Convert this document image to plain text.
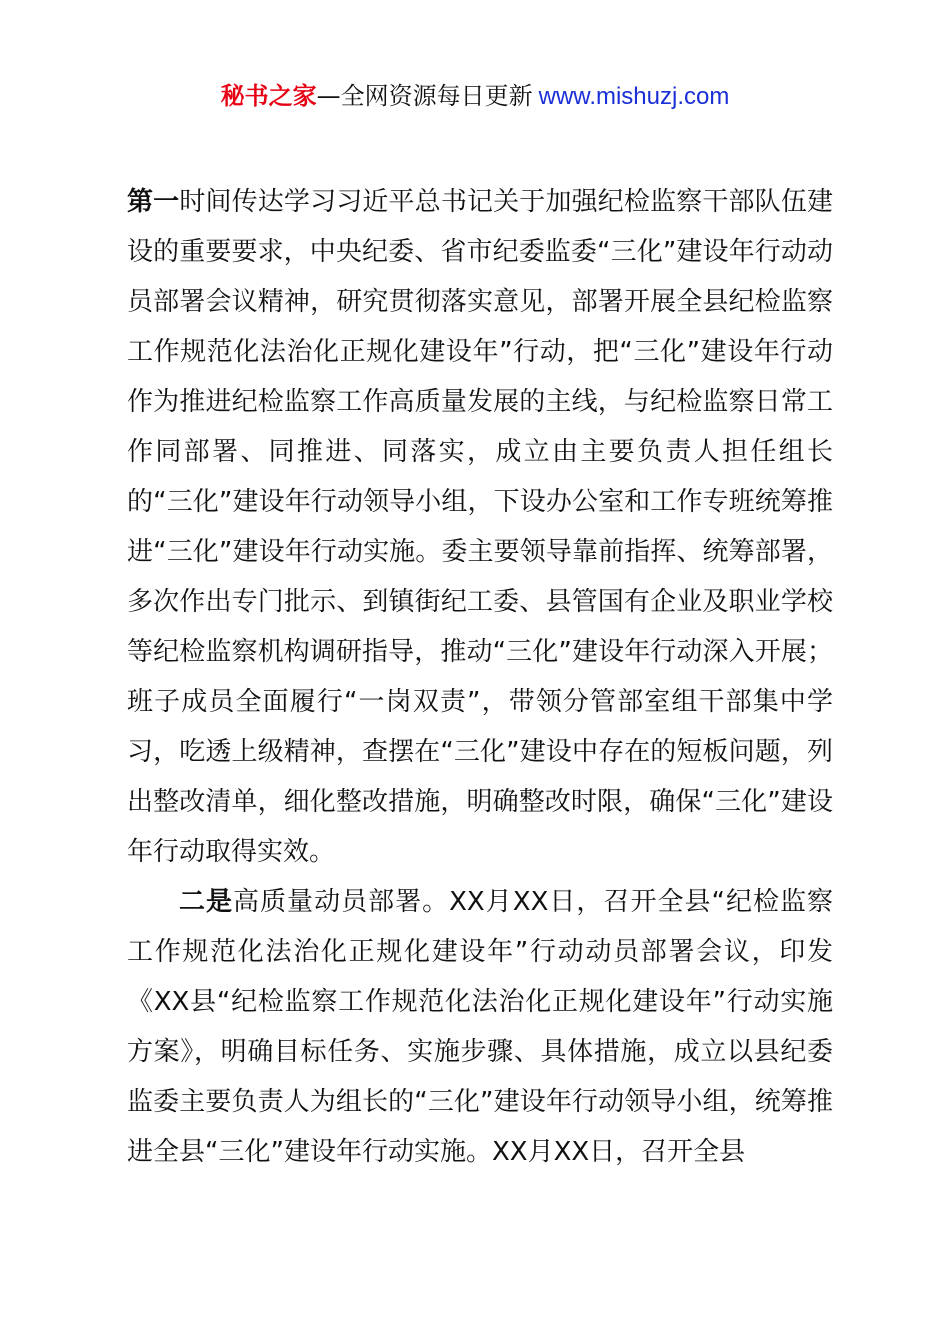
秘书之家—全网资源每日更新 www.mishuzj.com

第一时间传达学习习近平总书记关于加强纪检监察干部队伍建设的重要要求，中央纪委、省市纪委监委“三化”建设年行动动员部署会议精神，研究贯彻落实意见，部署开展全县纪检监察工作规范化法治化正规化建设年”行动，把“三化”建设年行动作为推进纪检监察工作高质量发展的主线，与纪检监察日常工作同部署、同推进、同落实，成立由主要负责人担任组长的“三化”建设年行动领导小组，下设办公室和工作专班统筹推进“三化”建设年行动实施。委主要领导靠前指挥、统筹部署，多次作出专门批示、到镇街纪工委、县管国有企业及职业学校等纪检监察机构调研指导，推动“三化”建设年行动深入开展；班子成员全面履行“一岗双责”，带领分管部室组干部集中学习，吃透上级精神，查摆在“三化”建设中存在的短板问题，列出整改清单，细化整改措施，明确整改时限，确保“三化”建设年行动取得实效。

二是高质量动员部署。XX月XX日，召开全县“纪检监察工作规范化法治化正规化建设年”行动动员部署会议，印发《XX县“纪检监察工作规范化法治化正规化建设年”行动实施方案》，明确目标任务、实施步骤、具体措施，成立以县纪委监委主要负责人为组长的“三化”建设年行动领导小组，统筹推进全县“三化”建设年行动实施。XX月XX日，召开全县
